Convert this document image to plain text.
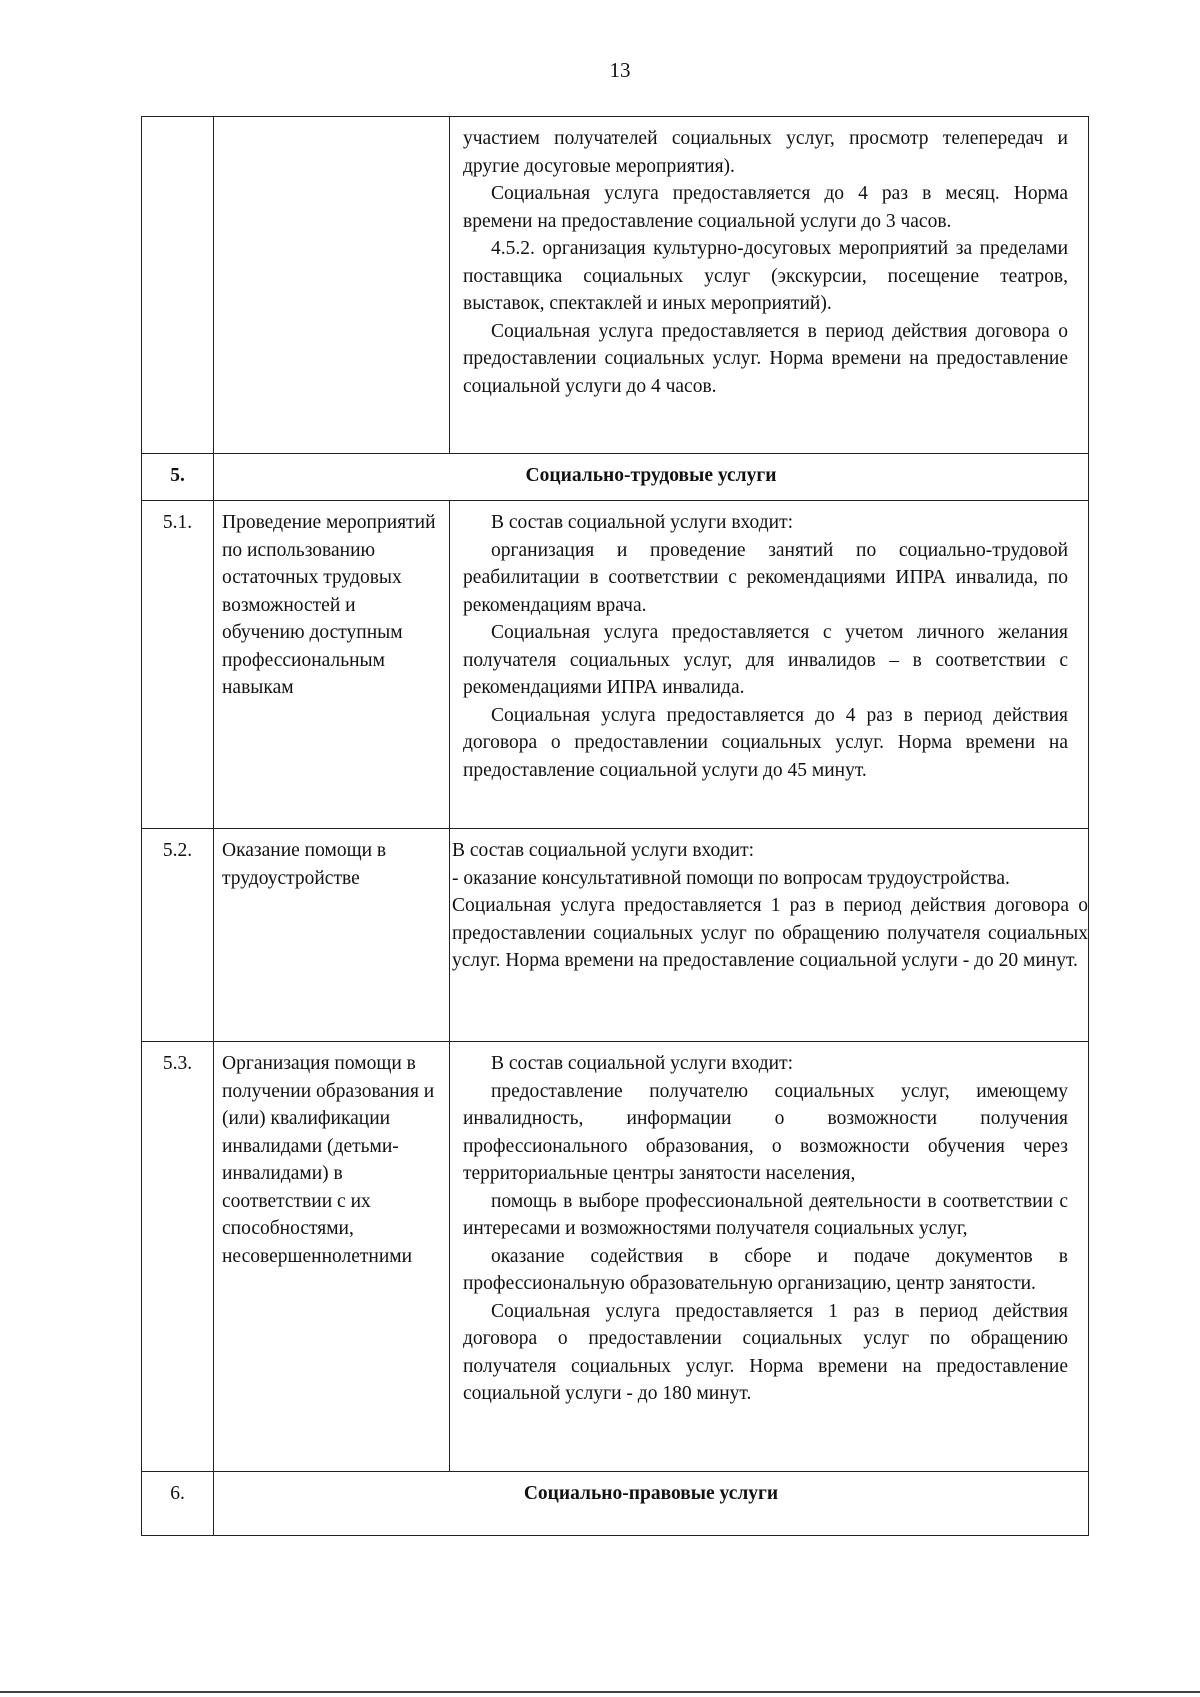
13

		участием получателей социальных услуг, просмотр телепередач и другие досуговые мероприятия).

Социальная услуга предоставляется до 4 раз в месяц. Норма времени на предоставление социальной услуги до 3 часов.

4.5.2. организация культурно-досуговых мероприятий за пределами поставщика социальных услуг (экскурсии, посещение театров, выставок, спектаклей и иных мероприятий).

Социальная услуга предоставляется в период действия договора о предоставлении социальных услуг. Норма времени на предоставление социальной услуги до 4 часов.

5.	Социально-трудовые услуги	
5.1.	Проведение мероприятий по использованию остаточных трудовых возможностей и обучению доступным профессиональным навыкам	В состав социальной услуги входит:

организация и проведение занятий по социально-трудовой реабилитации в соответствии с рекомендациями ИПРА инвалида, по рекомендациям врача.

Социальная услуга предоставляется с учетом личного желания получателя социальных услуг, для инвалидов – в соответствии с рекомендациями ИПРА инвалида.

Социальная услуга предоставляется до 4 раз в период действия договора о предоставлении социальных услуг. Норма времени на предоставление социальной услуги до 45 минут.

5.2.	Оказание помощи в трудоустройстве	В состав социальной услуги входит:

- оказание консультативной помощи по вопросам трудоустройства.

Социальная услуга предоставляется 1 раз в период действия договора о предоставлении социальных услуг по обращению получателя социальных услуг. Норма времени на предоставление социальной услуги - до 20 минут.

5.3.	Организация помощи в получении образования и (или) квалификации инвалидами (детьми-инвалидами) в соответствии с их способностями, несовершеннолетними	В состав социальной услуги входит:

предоставление получателю социальных услуг, имеющему инвалидность, информации о возможности получения профессионального образования, о возможности обучения через территориальные центры занятости населения,

помощь в выборе профессиональной деятельности в соответствии с интересами и возможностями получателя социальных услуг,

оказание содействия в сборе и подаче документов в профессиональную образовательную организацию, центр занятости.

Социальная услуга предоставляется 1 раз в период действия договора о предоставлении социальных услуг по обращению получателя социальных услуг. Норма времени на предоставление социальной услуги - до 180 минут.

6.	Социально-правовые услуги	
